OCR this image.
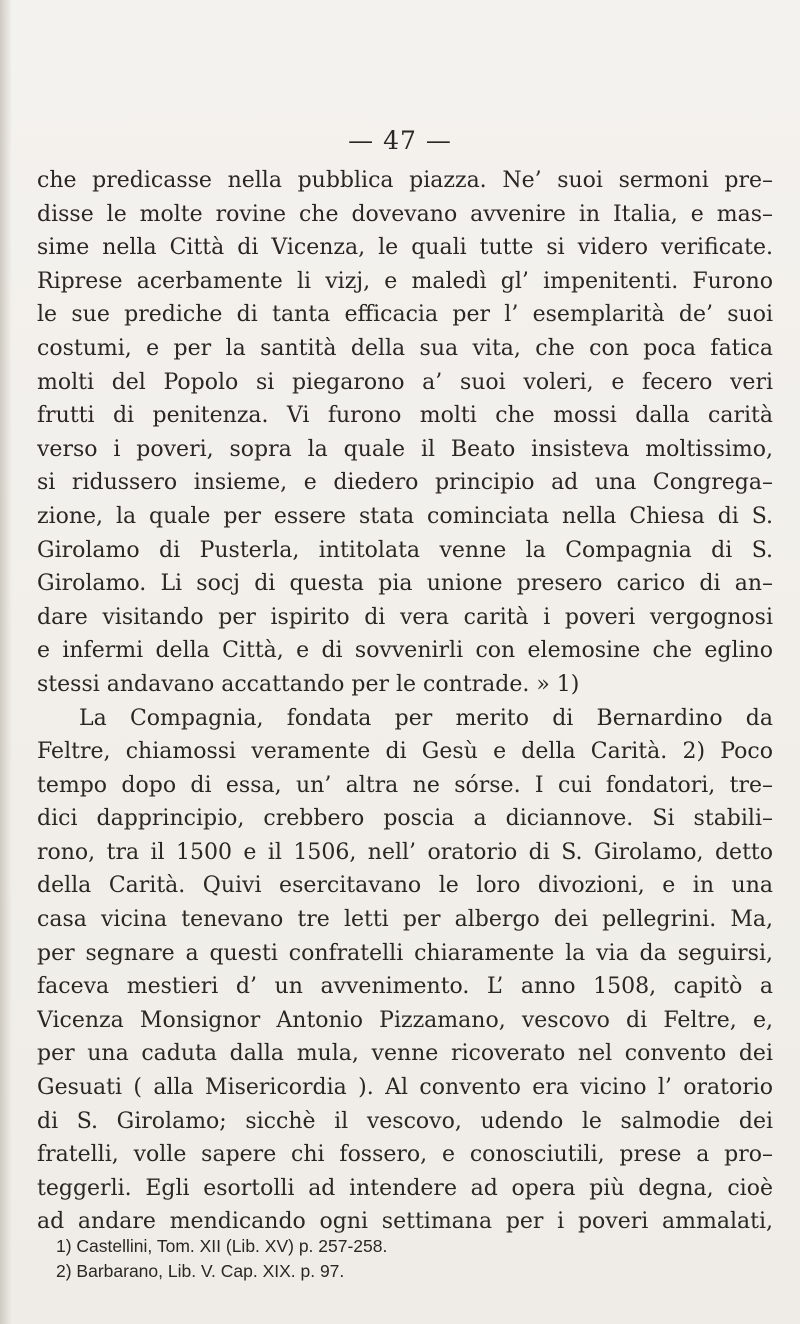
— 47 —
che predicasse nella pubblica piazza. Ne’ suoi sermoni pre–
disse le molte rovine che dovevano avvenire in Italia, e mas–
sime nella Città di Vicenza, le quali tutte si videro verificate.
Riprese acerbamente li vizj, e maledì gl’ impenitenti. Furono
le sue prediche di tanta efficacia per l’ esemplarità de’ suoi
costumi, e per la santità della sua vita, che con poca fatica
molti del Popolo si piegarono a’ suoi voleri, e fecero veri
frutti di penitenza. Vi furono molti che mossi dalla carità
verso i poveri, sopra la quale il Beato insisteva moltissimo,
si ridussero insieme, e diedero principio ad una Congrega–
zione, la quale per essere stata cominciata nella Chiesa di S.
Girolamo di Pusterla, intitolata venne la Compagnia di S.
Girolamo. Li socj di questa pia unione presero carico di an–
dare visitando per ispirito di vera carità i poveri vergognosi
e infermi della Città, e di sovvenirli con elemosine che eglino
stessi andavano accattando per le contrade. » 1)
La Compagnia, fondata per merito di Bernardino da
Feltre, chiamossi veramente di Gesù e della Carità. 2) Poco
tempo dopo di essa, un’ altra ne sórse. I cui fondatori, tre–
dici dapprincipio, crebbero poscia a diciannove. Si stabili–
rono, tra il 1500 e il 1506, nell’ oratorio di S. Girolamo, detto
della Carità. Quivi esercitavano le loro divozioni, e in una
casa vicina tenevano tre letti per albergo dei pellegrini. Ma,
per segnare a questi confratelli chiaramente la via da seguirsi,
faceva mestieri d’ un avvenimento. L’ anno 1508, capitò a
Vicenza Monsignor Antonio Pizzamano, vescovo di Feltre, e,
per una caduta dalla mula, venne ricoverato nel convento dei
Gesuati ( alla Misericordia ). Al convento era vicino l’ oratorio
di S. Girolamo; sicchè il vescovo, udendo le salmodie dei
fratelli, volle sapere chi fossero, e conosciutili, prese a pro–
teggerli. Egli esortolli ad intendere ad opera più degna, cioè
ad andare mendicando ogni settimana per i poveri ammalati,
1) Castellini, Tom. XII (Lib. XV) p. 257-258.
2) Barbarano, Lib. V. Cap. XIX. p. 97.
